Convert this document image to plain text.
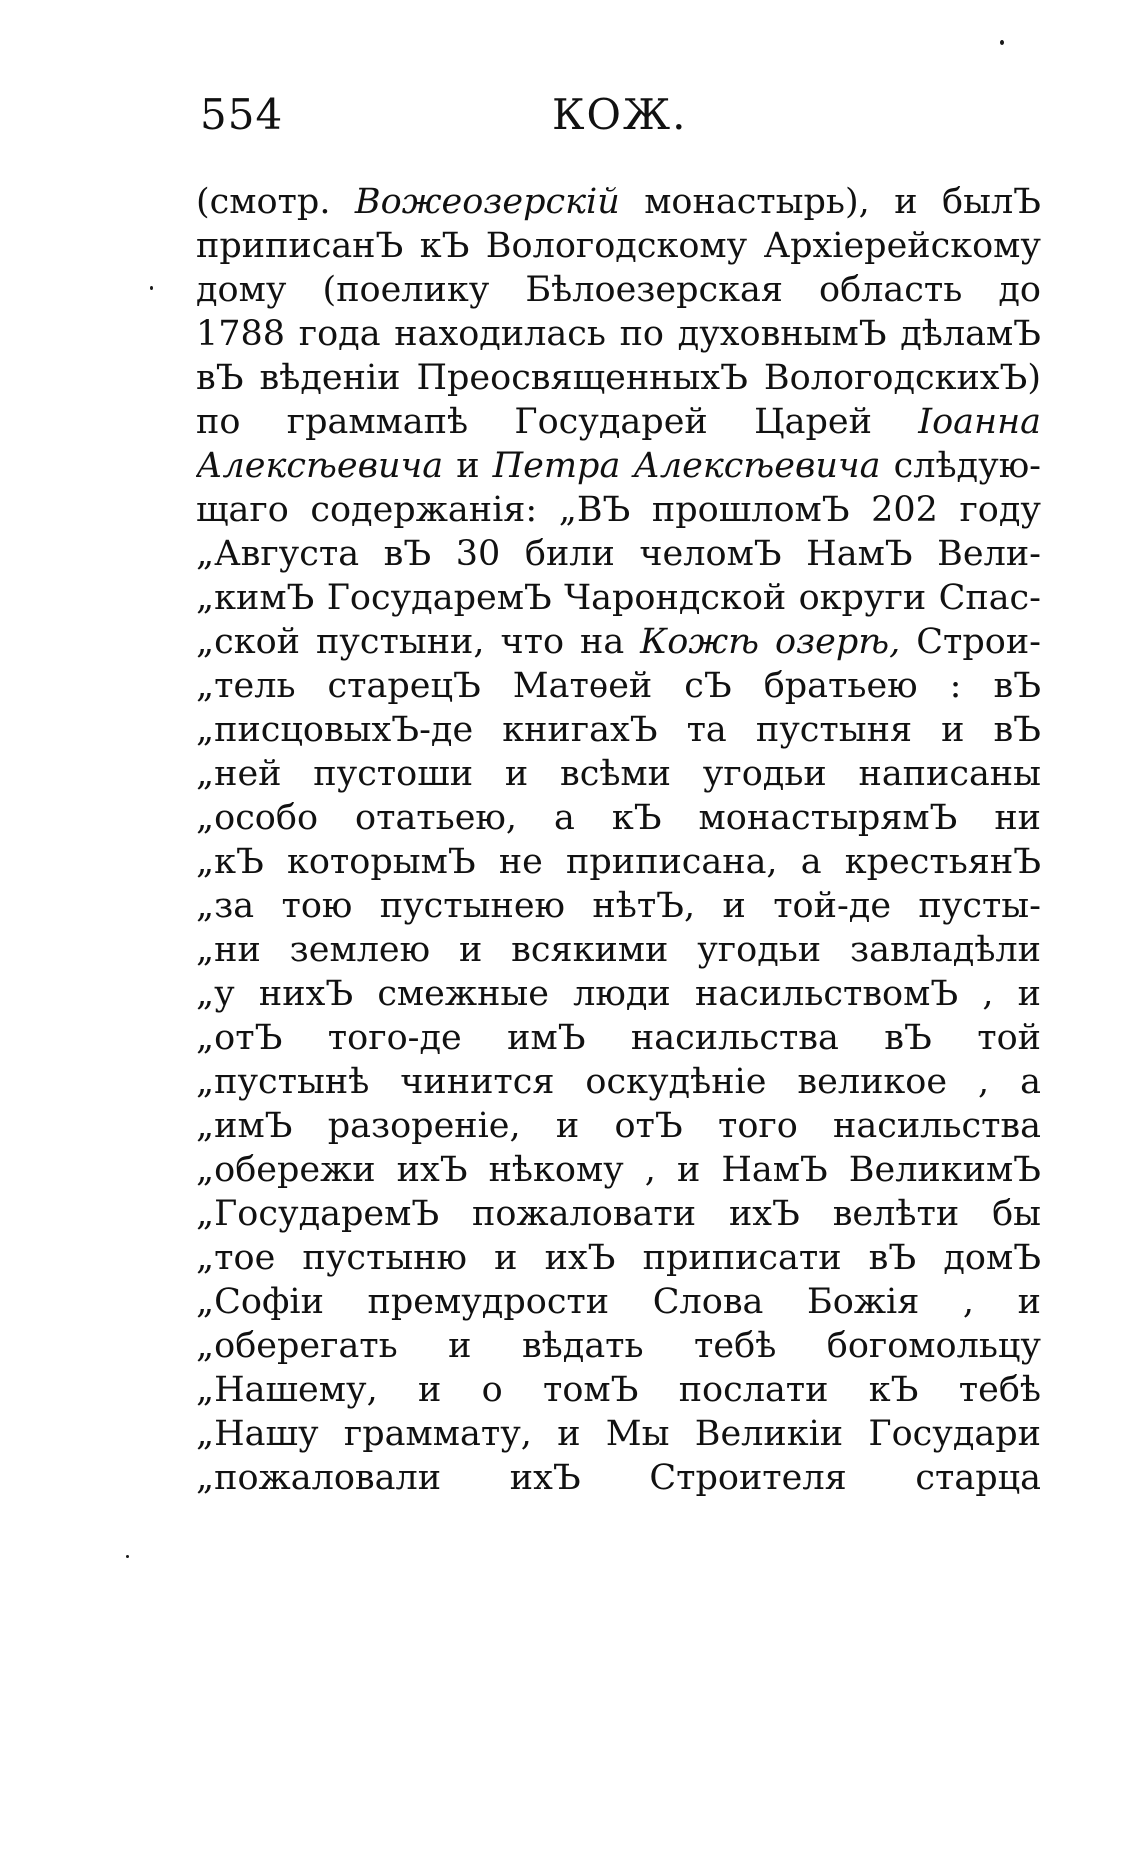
554	КОЖ.
(смотр. Вожеозерскiй монастырь), и былЪ
приписанЪ кЪ Вологодскому Архiерейскому
дому (поелику Бѣлоезерская область до
1788 года находилась по духовнымЪ дѣламЪ
вЪ вѣденiи ПреосвященныхЪ ВологодскихЪ)
по граммапѣ Государей Царей Iоанна
Алексѣевича и Петра Алексѣевича слѣдую-
щаго содержанiя: „ВЪ прошломЪ 202 году
„Августа вЪ 30 били челомЪ НамЪ Вели-
„кимЪ ГосударемЪ Чарондской округи Спас-
„ской пустыни, что на Кожѣ озерѣ, Строи-
„тель старецЪ Матѳей сЪ братьею : вЪ
„писцовыхЪ-де книгахЪ та пустыня и вЪ
„ней пустоши и всѣми угодьи написаны
„особо отатьею, а кЪ монастырямЪ ни
„кЪ которымЪ не приписана, а крестьянЪ
„за тою пустынею нѣтЪ, и той-де пусты-
„ни землею и всякими угодьи завладѣли
„у нихЪ смежные люди насильствомЪ , и
„отЪ того-де имЪ насильства вЪ той
„пустынѣ чинится оскудѣнiе великое , а
„имЪ разоренiе, и отЪ того насильства
„обережи ихЪ нѣкому , и НамЪ ВеликимЪ
„ГосударемЪ пожаловати ихЪ велѣти бы
„тое пустыню и ихЪ приписати вЪ домЪ
„Софiи премудрости Слова Божiя , и
„оберегать и вѣдать тебѣ богомольцу
„Нашему, и о томЪ послати кЪ тебѣ
„Нашу граммату, и Мы Великiи Государи
„пожаловали ихЪ Строителя старца
